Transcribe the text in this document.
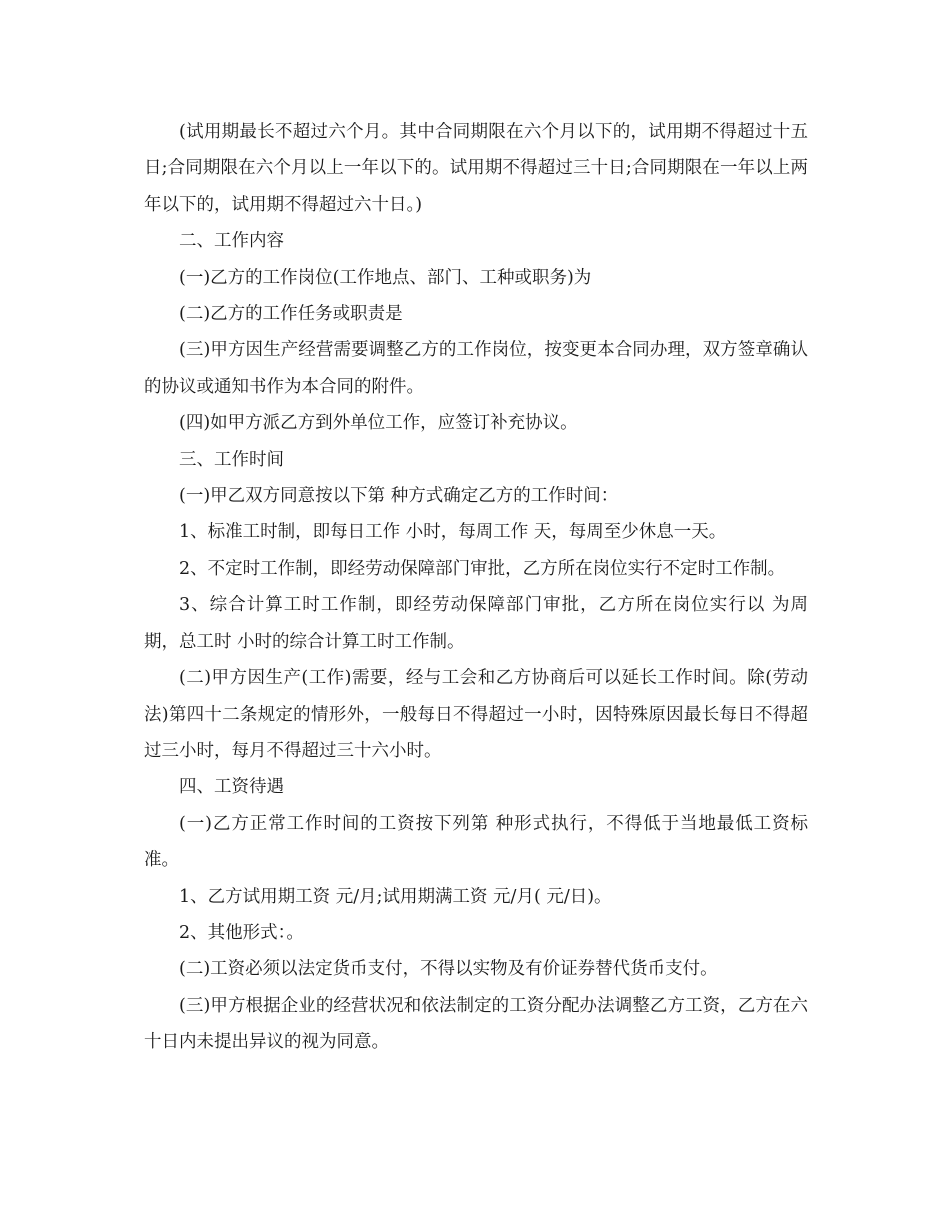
(试用期最长不超过六个月。其中合同期限在六个月以下的，试用期不得超过十五日;合同期限在六个月以上一年以下的。试用期不得超过三十日;合同期限在一年以上两年以下的，试用期不得超过六十日。)

二、工作内容

(一)乙方的工作岗位(工作地点、部门、工种或职务)为

(二)乙方的工作任务或职责是

(三)甲方因生产经营需要调整乙方的工作岗位，按变更本合同办理，双方签章确认的协议或通知书作为本合同的附件。

(四)如甲方派乙方到外单位工作，应签订补充协议。

三、工作时间

(一)甲乙双方同意按以下第 种方式确定乙方的工作时间：

1、标准工时制，即每日工作 小时，每周工作 天，每周至少休息一天。

2、不定时工作制，即经劳动保障部门审批，乙方所在岗位实行不定时工作制。

3、综合计算工时工作制，即经劳动保障部门审批，乙方所在岗位实行以 为周期，总工时 小时的综合计算工时工作制。

(二)甲方因生产(工作)需要，经与工会和乙方协商后可以延长工作时间。除(劳动法)第四十二条规定的情形外，一般每日不得超过一小时，因特殊原因最长每日不得超过三小时，每月不得超过三十六小时。

四、工资待遇

(一)乙方正常工作时间的工资按下列第 种形式执行，不得低于当地最低工资标准。

1、乙方试用期工资 元/月;试用期满工资 元/月( 元/日)。

2、其他形式：。

(二)工资必须以法定货币支付，不得以实物及有价证券替代货币支付。

(三)甲方根据企业的经营状况和依法制定的工资分配办法调整乙方工资，乙方在六十日内未提出异议的视为同意。
